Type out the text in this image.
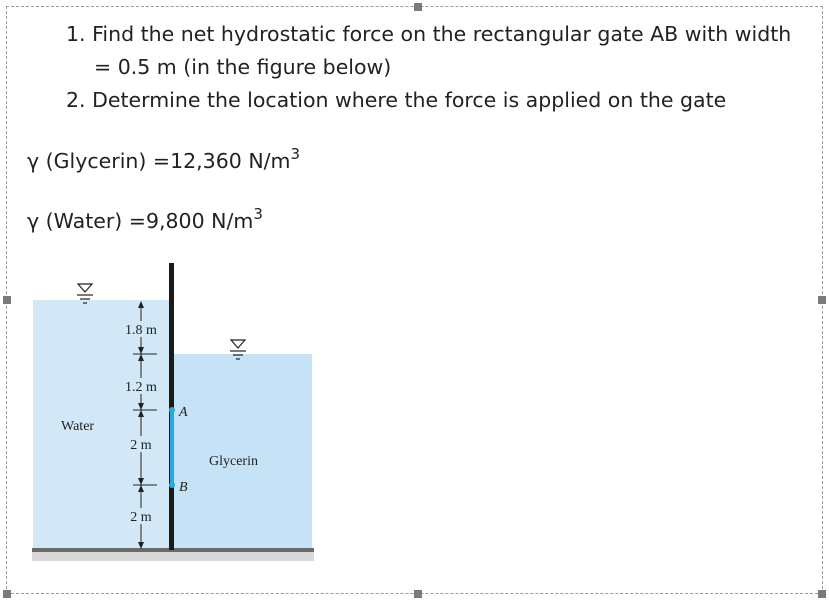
1. Find the net hydrostatic force on the rectangular gate AB with width
= 0.5 m (in the figure below)
2. Determine the location where the force is applied on the gate
γ (Glycerin) =12,360 $N/m^3$
γ (Water) =9,800 $N/m^3$
1.8 m
1.2 m
2 m
2 m
Water
Glycerin
A
B
